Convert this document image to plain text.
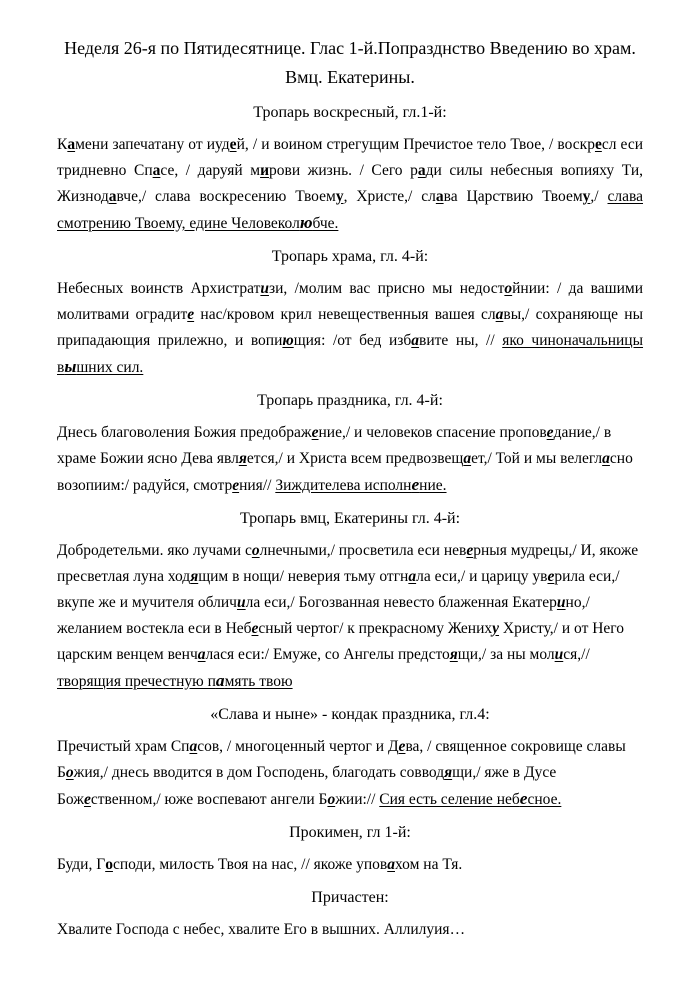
Неделя 26-я по Пятидесятнице. Глас 1-й.Попразднство Введению во храм. Вмц. Екатерины.
Тропарь воскресный, гл.1-й:

Камени запечатану от иудей, / и воином стрегущим Пречистое тело Твое, / воскресл еси тридневно Спасе, / даруяй мирови жизнь. / Сего ради силы небесныя вопияху Ти, Жизнодавче,/ слава воскресению Твоему, Христе,/ слава Царствию Твоему,/ слава смотрению Твоему, едине Человеколюбче.

Тропарь храма, гл. 4-й:

Небесных воинств Архистратизи, /молим вас присно мы недостойнии: / да вашими молитвами оградите нас/кровом крил невещественныя вашея славы,/ сохраняюще ны припадающия прилежно, и вопиющия: /от бед избавите ны, // яко чиноначальницы вышних сил.

Тропарь праздника, гл. 4-й:

Днесь благоволения Божия предображение,/ и человеков спасение проповедание,/ в храме Божии ясно Дева является,/ и Христа всем предвозвещает,/ Той и мы велегласно возопиим:/ радуйся, смотрения// Зиждителева исполнение.

Тропарь вмц, Екатерины гл. 4-й:

Добродетельми. яко лучами солнечными,/ просветила еси неверныя мудрецы,/ И, якоже пресветлая луна ходящим в нощи/ неверия тьму отгнала еси,/ и царицу уверила еси,/ вкупе же и мучителя обличила еси,/ Богозванная невесто блаженная Екатерино,/ желанием востекла еси в Небесный чертог/ к прекрасному Жениху Христу,/ и от Него царским венцем венчалася еси:/ Емуже, со Ангелы предстоящи,/ за ны молися,// творящия пречестную память твою

«Слава и ныне» - кондак праздника, гл.4:

Пречистый храм Спасов, / многоценный чертог и Дева, / священное сокровище славы Божия,/ днесь вводится в дом Господень, благодать совводящи,/ яже в Дусе Божественном,/ юже воспевают ангели Божии:// Сия есть селение небесное.

Прокимен, гл 1-й:

Буди, Господи, милость Твоя на нас, // якоже уповахом на Тя.

Причастен:

Хвалите Господа с небес, хвалите Его в вышних. Аллилуия…
